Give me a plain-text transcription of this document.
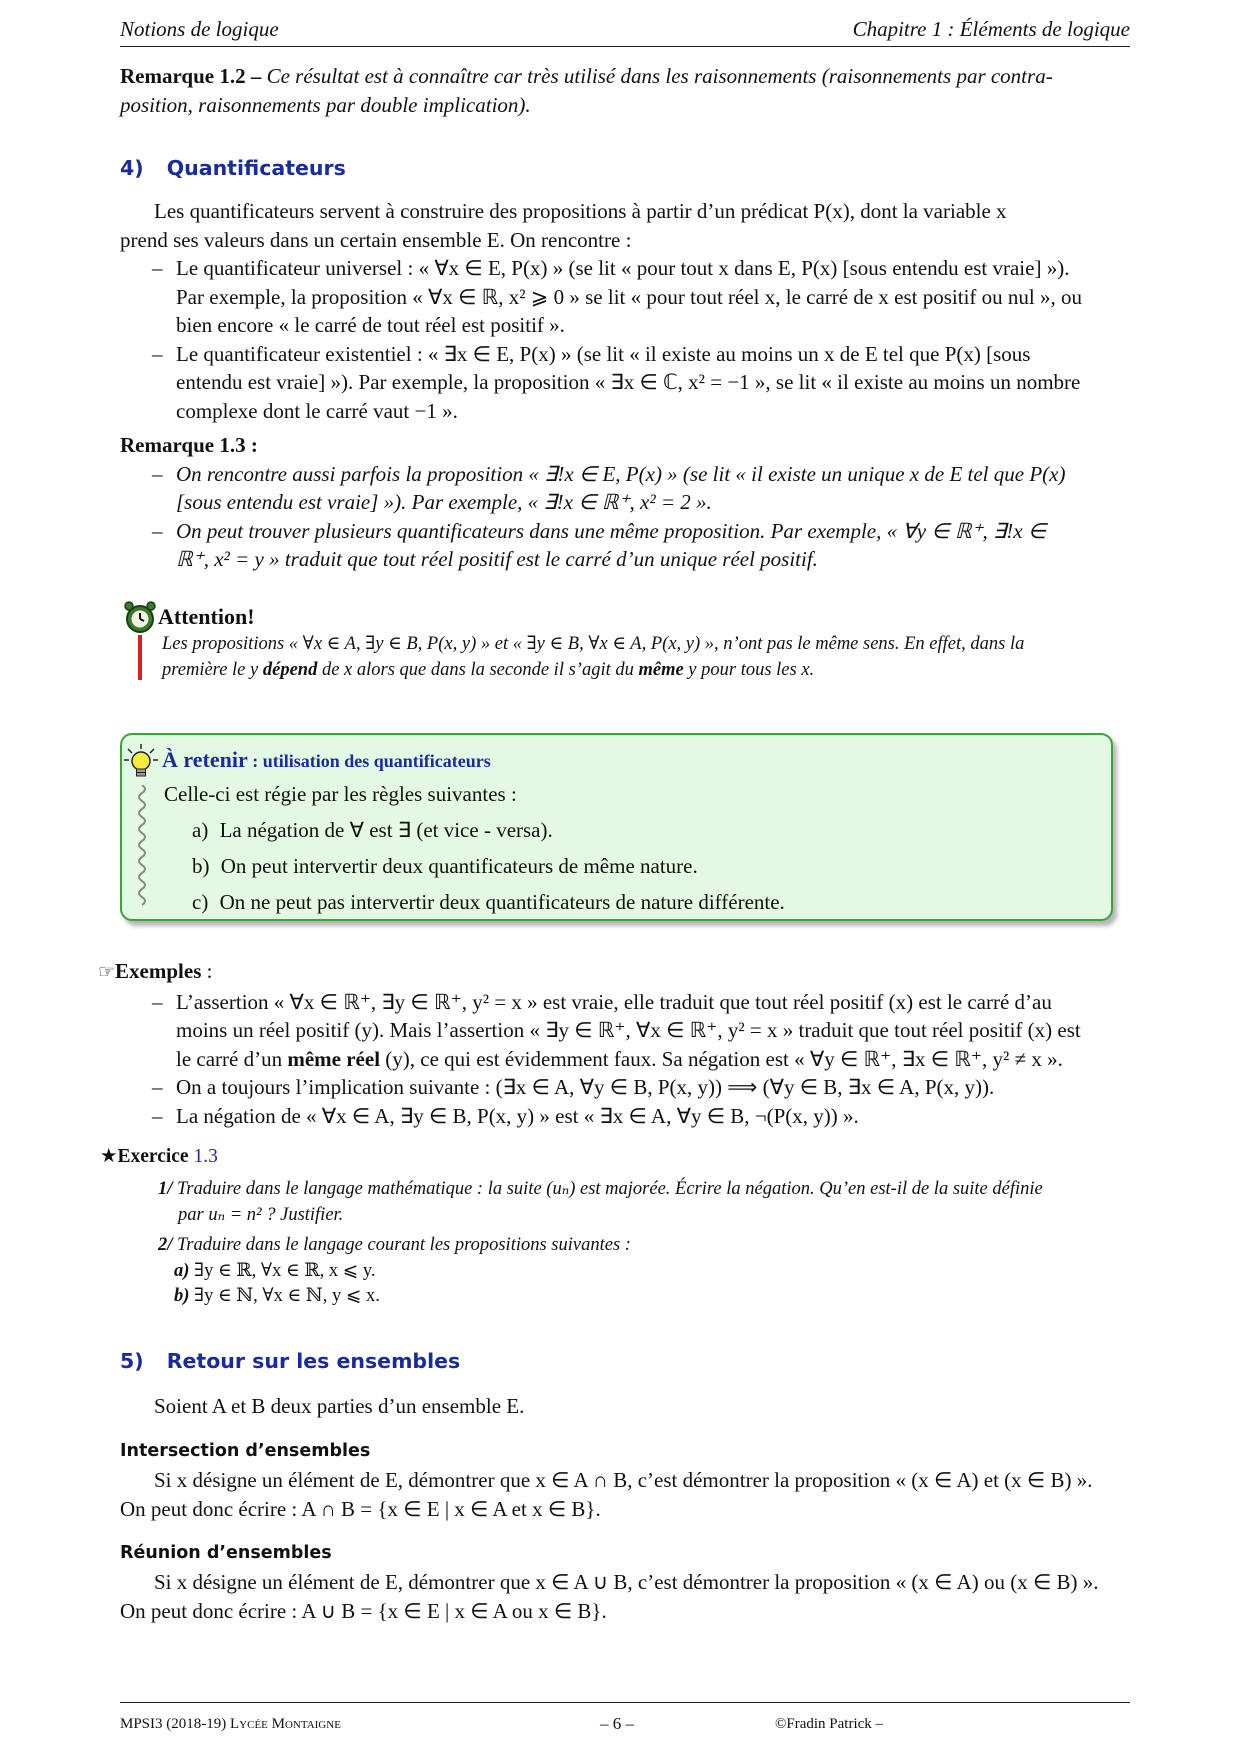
Notions de logique	Chapitre 1 : Éléments de logique
Remarque 1.2 – Ce résultat est à connaître car très utilisé dans les raisonnements (raisonnements par contra-
position, raisonnements par double implication).
4) Quantificateurs
Les quantificateurs servent à construire des propositions à partir d’un prédicat P(x), dont la variable x
prend ses valeurs dans un certain ensemble E. On rencontre :
– Le quantificateur universel : « ∀x ∈ E, P(x) » (se lit « pour tout x dans E, P(x) [sous entendu est vraie] »).
Par exemple, la proposition « ∀x ∈ ℝ, x² ⩾ 0 » se lit « pour tout réel x, le carré de x est positif ou nul », ou
bien encore « le carré de tout réel est positif ».
– Le quantificateur existentiel : « ∃x ∈ E, P(x) » (se lit « il existe au moins un x de E tel que P(x) [sous
entendu est vraie] »). Par exemple, la proposition « ∃x ∈ ℂ, x² = −1 », se lit « il existe au moins un nombre
complexe dont le carré vaut −1 ».
Remarque 1.3 :
– On rencontre aussi parfois la proposition « ∃!x ∈ E, P(x) » (se lit « il existe un unique x de E tel que P(x)
[sous entendu est vraie] »). Par exemple, « ∃!x ∈ ℝ⁺, x² = 2 ».
– On peut trouver plusieurs quantificateurs dans une même proposition. Par exemple, « ∀y ∈ ℝ⁺, ∃!x ∈
ℝ⁺, x² = y » traduit que tout réel positif est le carré d’un unique réel positif.
Attention!
Les propositions « ∀x ∈ A, ∃y ∈ B, P(x, y) » et « ∃y ∈ B, ∀x ∈ A, P(x, y) », n’ont pas le même sens. En effet, dans la
première le y dépend de x alors que dans la seconde il s’agit du même y pour tous les x.
À retenir : utilisation des quantificateurs
Celle-ci est régie par les règles suivantes :
a) La négation de ∀ est ∃ (et vice - versa).
b) On peut intervertir deux quantificateurs de même nature.
c) On ne peut pas intervertir deux quantificateurs de nature différente.
☞Exemples :
– L’assertion « ∀x ∈ ℝ⁺, ∃y ∈ ℝ⁺, y² = x » est vraie, elle traduit que tout réel positif (x) est le carré d’au
moins un réel positif (y). Mais l’assertion « ∃y ∈ ℝ⁺, ∀x ∈ ℝ⁺, y² = x » traduit que tout réel positif (x) est
le carré d’un même réel (y), ce qui est évidemment faux. Sa négation est « ∀y ∈ ℝ⁺, ∃x ∈ ℝ⁺, y² ≠ x ».
– On a toujours l’implication suivante : (∃x ∈ A, ∀y ∈ B, P(x, y)) ⟹ (∀y ∈ B, ∃x ∈ A, P(x, y)).
– La négation de « ∀x ∈ A, ∃y ∈ B, P(x, y) » est « ∃x ∈ A, ∀y ∈ B, ¬(P(x, y)) ».
★Exercice 1.3
1/ Traduire dans le langage mathématique : la suite (uₙ) est majorée. Écrire la négation. Qu’en est-il de la suite définie
par uₙ = n² ? Justifier.
2/ Traduire dans le langage courant les propositions suivantes :
a) ∃y ∈ ℝ, ∀x ∈ ℝ, x ⩽ y.
b) ∃y ∈ ℕ, ∀x ∈ ℕ, y ⩽ x.
5) Retour sur les ensembles
Soient A et B deux parties d’un ensemble E.
Intersection d’ensembles
Si x désigne un élément de E, démontrer que x ∈ A ∩ B, c’est démontrer la proposition « (x ∈ A) et (x ∈ B) ».
On peut donc écrire : A ∩ B = {x ∈ E | x ∈ A et x ∈ B}.
Réunion d’ensembles
Si x désigne un élément de E, démontrer que x ∈ A ∪ B, c’est démontrer la proposition « (x ∈ A) ou (x ∈ B) ».
On peut donc écrire : A ∪ B = {x ∈ E | x ∈ A ou x ∈ B}.
MPSI3 (2018-19) Lycée Montaigne	– 6 –	©Fradin Patrick –
